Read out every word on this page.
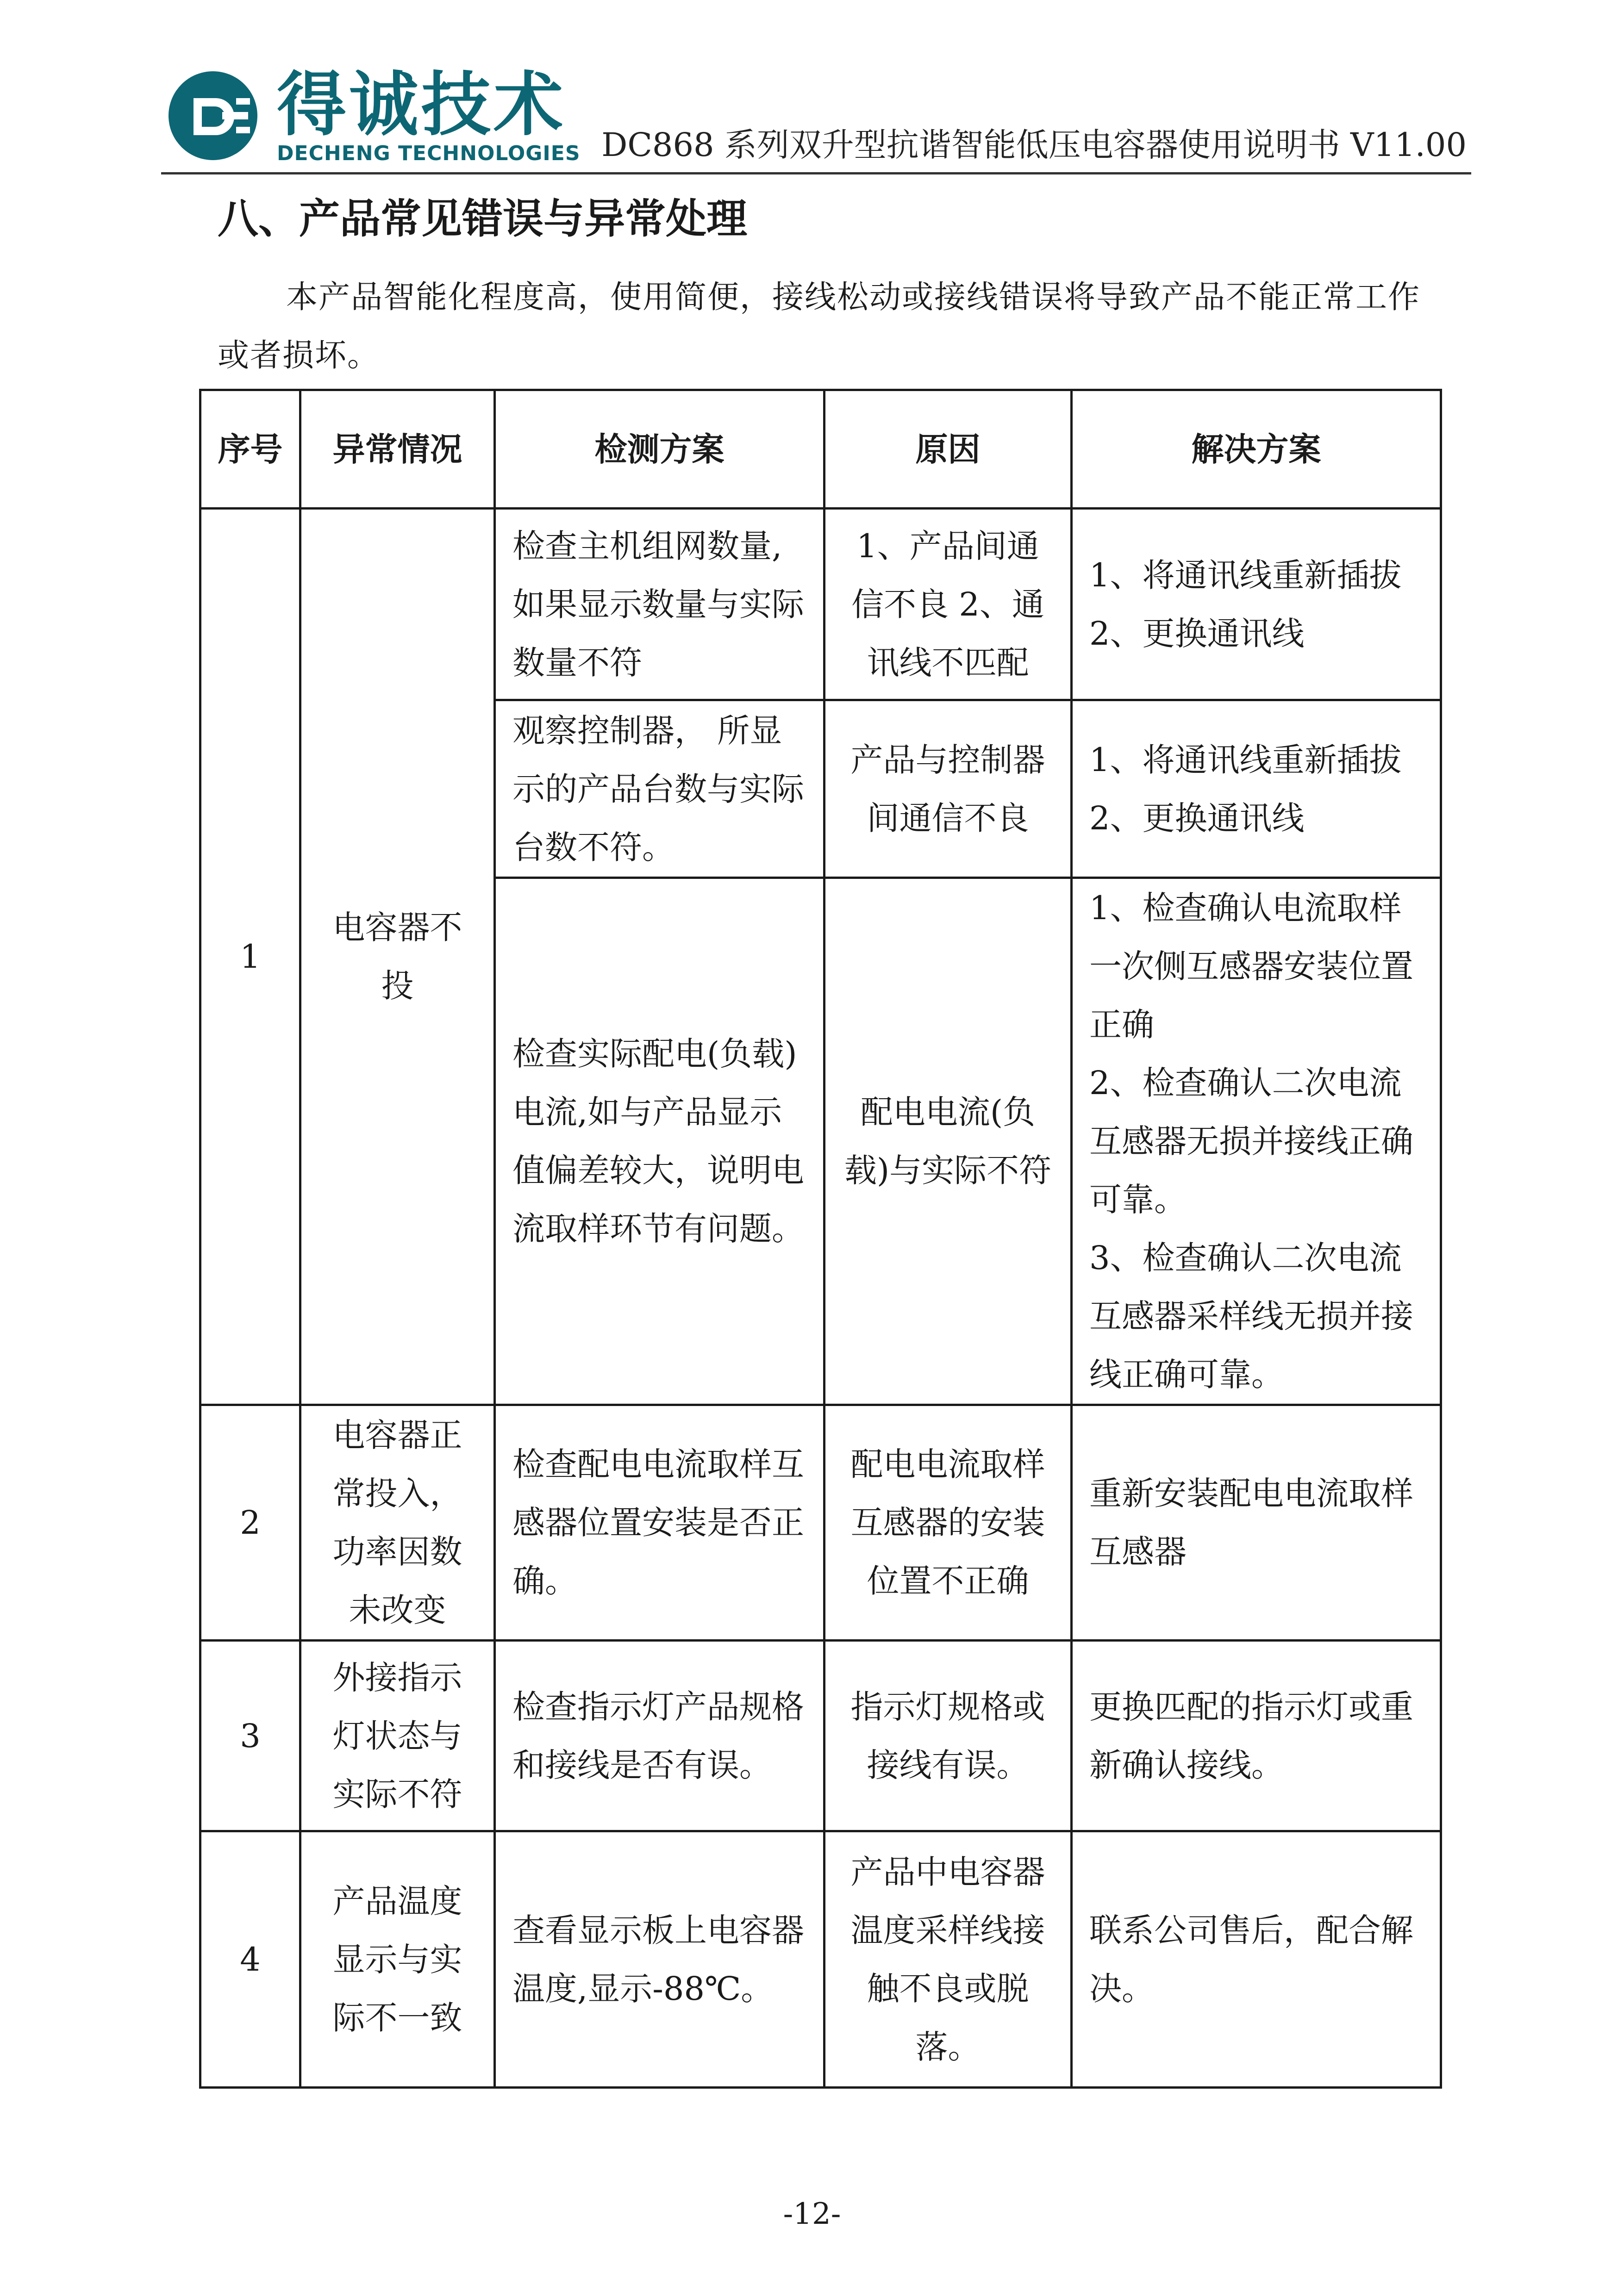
得诚技术
DECHENG TECHNOLOGIES DC868 系列双升型抗谐智能低压电容器使用说明书 V11.00
八、产品常见错误与异常处理
本产品智能化程度高，使用简便，接线松动或接线错误将导致产品不能正常工作或者损坏。
序号	异常情况	检测方案	原因	解决方案
1	电容器不投	检查主机组网数量,如果显示数量与实际数量不符	1、产品间通信不良 2、通讯线不匹配	1、将通讯线重新插拔
2、更换通讯线

		观察控制器， 所显示的产品台数与实际台数不符。	产品与控制器间通信不良	1、将通讯线重新插拔
2、更换通讯线

		检查实际配电(负载)电流,如与产品显示值偏差较大，说明电流取样环节有问题。	配电电流(负载)与实际不符	1、检查确认电流取样一次侧互感器安装位置正确
2、检查确认二次电流互感器无损并接线正确可靠。
3、检查确认二次电流互感器采样线无损并接线正确可靠。

2	电容器正常投入，功率因数未改变	检查配电电流取样互感器位置安装是否正确。	配电电流取样互感器的安装位置不正确	重新安装配电电流取样互感器
3	外接指示灯状态与实际不符	检查指示灯产品规格和接线是否有误。	指示灯规格或接线有误。	更换匹配的指示灯或重新确认接线。
4	产品温度显示与实际不一致	查看显示板上电容器温度,显示-88℃。	产品中电容器温度采样线接触不良或脱落。	联系公司售后，配合解决。
-12-
